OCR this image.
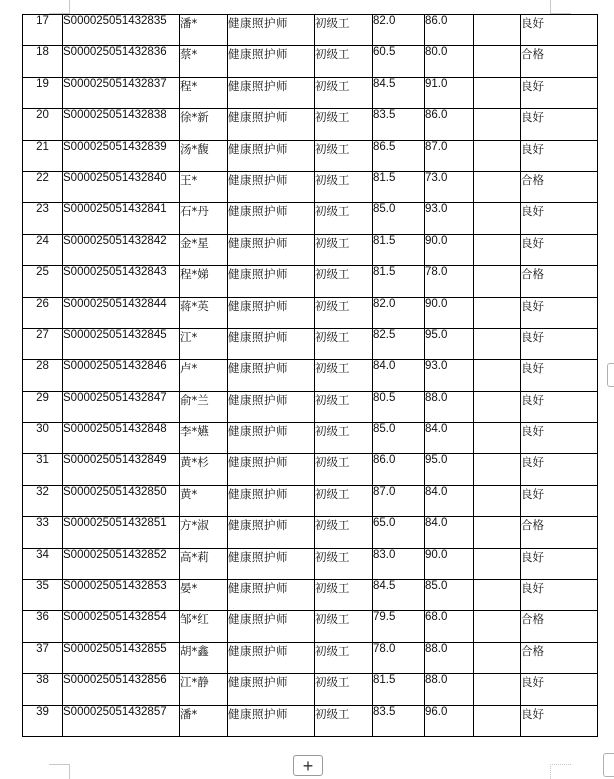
17	S000025051432835	潘*	健康照护师	初级工	82.0	86.0		良好
18	S000025051432836	蔡*	健康照护师	初级工	60.5	80.0		合格
19	S000025051432837	程*	健康照护师	初级工	84.5	91.0		良好
20	S000025051432838	徐*新	健康照护师	初级工	83.5	86.0		良好
21	S000025051432839	汤*馥	健康照护师	初级工	86.5	87.0		良好
22	S000025051432840	王*	健康照护师	初级工	81.5	73.0		合格
23	S000025051432841	石*丹	健康照护师	初级工	85.0	93.0		良好
24	S000025051432842	金*星	健康照护师	初级工	81.5	90.0		良好
25	S000025051432843	程*娣	健康照护师	初级工	81.5	78.0		合格
26	S000025051432844	蒋*英	健康照护师	初级工	82.0	90.0		良好
27	S000025051432845	江*	健康照护师	初级工	82.5	95.0		良好
28	S000025051432846	卢*	健康照护师	初级工	84.0	93.0		良好
29	S000025051432847	俞*兰	健康照护师	初级工	80.5	88.0		良好
30	S000025051432848	李*嬿	健康照护师	初级工	85.0	84.0		良好
31	S000025051432849	黄*杉	健康照护师	初级工	86.0	95.0		良好
32	S000025051432850	黄*	健康照护师	初级工	87.0	84.0		良好
33	S000025051432851	方*淑	健康照护师	初级工	65.0	84.0		合格
34	S000025051432852	高*莉	健康照护师	初级工	83.0	90.0		良好
35	S000025051432853	晏*	健康照护师	初级工	84.5	85.0		良好
36	S000025051432854	邹*红	健康照护师	初级工	79.5	68.0		合格
37	S000025051432855	胡*鑫	健康照护师	初级工	78.0	88.0		合格
38	S000025051432856	江*静	健康照护师	初级工	81.5	88.0		良好
39	S000025051432857	潘*	健康照护师	初级工	83.5	96.0		良好
+
